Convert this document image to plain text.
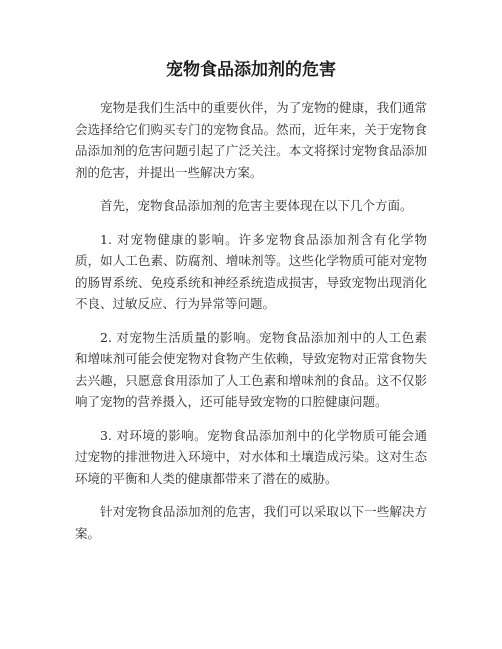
宠物食品添加剂的危害

宠物是我们生活中的重要伙伴，为了宠物的健康，我们通常会选择给它们购买专门的宠物食品。然而，近年来，关于宠物食品添加剂的危害问题引起了广泛关注。本文将探讨宠物食品添加剂的危害，并提出一些解决方案。

首先，宠物食品添加剂的危害主要体现在以下几个方面。

1. 对宠物健康的影响。许多宠物食品添加剂含有化学物质，如人工色素、防腐剂、增味剂等。这些化学物质可能对宠物的肠胃系统、免疫系统和神经系统造成损害，导致宠物出现消化不良、过敏反应、行为异常等问题。

2. 对宠物生活质量的影响。宠物食品添加剂中的人工色素和增味剂可能会使宠物对食物产生依赖，导致宠物对正常食物失去兴趣，只愿意食用添加了人工色素和增味剂的食品。这不仅影响了宠物的营养摄入，还可能导致宠物的口腔健康问题。

3. 对环境的影响。宠物食品添加剂中的化学物质可能会通过宠物的排泄物进入环境中，对水体和土壤造成污染。这对生态环境的平衡和人类的健康都带来了潜在的威胁。

针对宠物食品添加剂的危害，我们可以采取以下一些解决方案。
